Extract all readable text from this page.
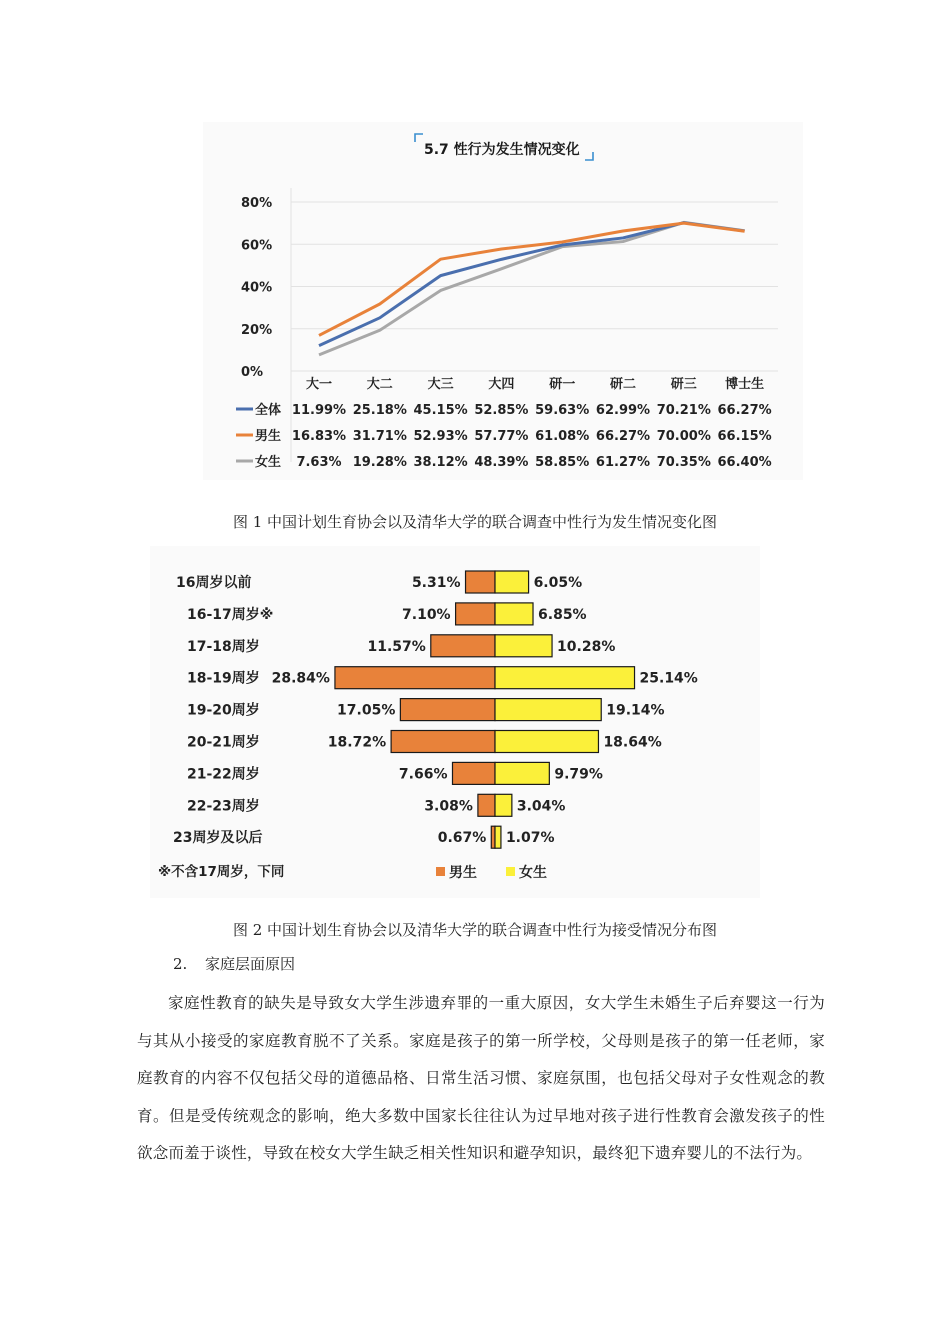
5.7 性行为发生情况变化
80%
60%
40%
20%
0%
大一	大二	大三	大四	研一	研二	研三 博士生
全体 11.99% 25.18% 45.15% 52.85% 59.63% 62.99% 70.21% 66.27%
男生 16.83% 31.71% 52.93% 57.77% 61.08% 66.27% 70.00% 66.15%
女生 7.63% 19.28% 38.12% 48.39% 58.85% 61.27% 70.35% 66.40%
图 1 中国计划生育协会以及清华大学的联合调查中性行为发生情况变化图
16周岁以前	5.31%	6.05%
16-17周岁※	7.10%	6.85%
17-18周岁	11.57%	10.28%
18-19周岁 28.84%	25.14%
19-20周岁	17.05%	19.14%
20-21周岁	18.72%	18.64%
21-22周岁	7.66%	9.79%
22-23周岁	3.08%	3.04%
23周岁及以后	0.67% 1.07%
※不含17周岁，下同	男生	女生
图 2 中国计划生育协会以及清华大学的联合调查中性行为接受情况分布图
2. 家庭层面原因

家庭性教育的缺失是导致女大学生涉遗弃罪的一重大原因，女大学生未婚生子后弃婴这一行为与其从小接受的家庭教育脱不了关系。家庭是孩子的第一所学校，父母则是孩子的第一任老师，家庭教育的内容不仅包括父母的道德品格、日常生活习惯、家庭氛围，也包括父母对子女性观念的教育。但是受传统观念的影响，绝大多数中国家长往往认为过早地对孩子进行性教育会激发孩子的性欲念而羞于谈性，导致在校女大学生缺乏相关性知识和避孕知识，最终犯下遗弃婴儿的不法行为。
